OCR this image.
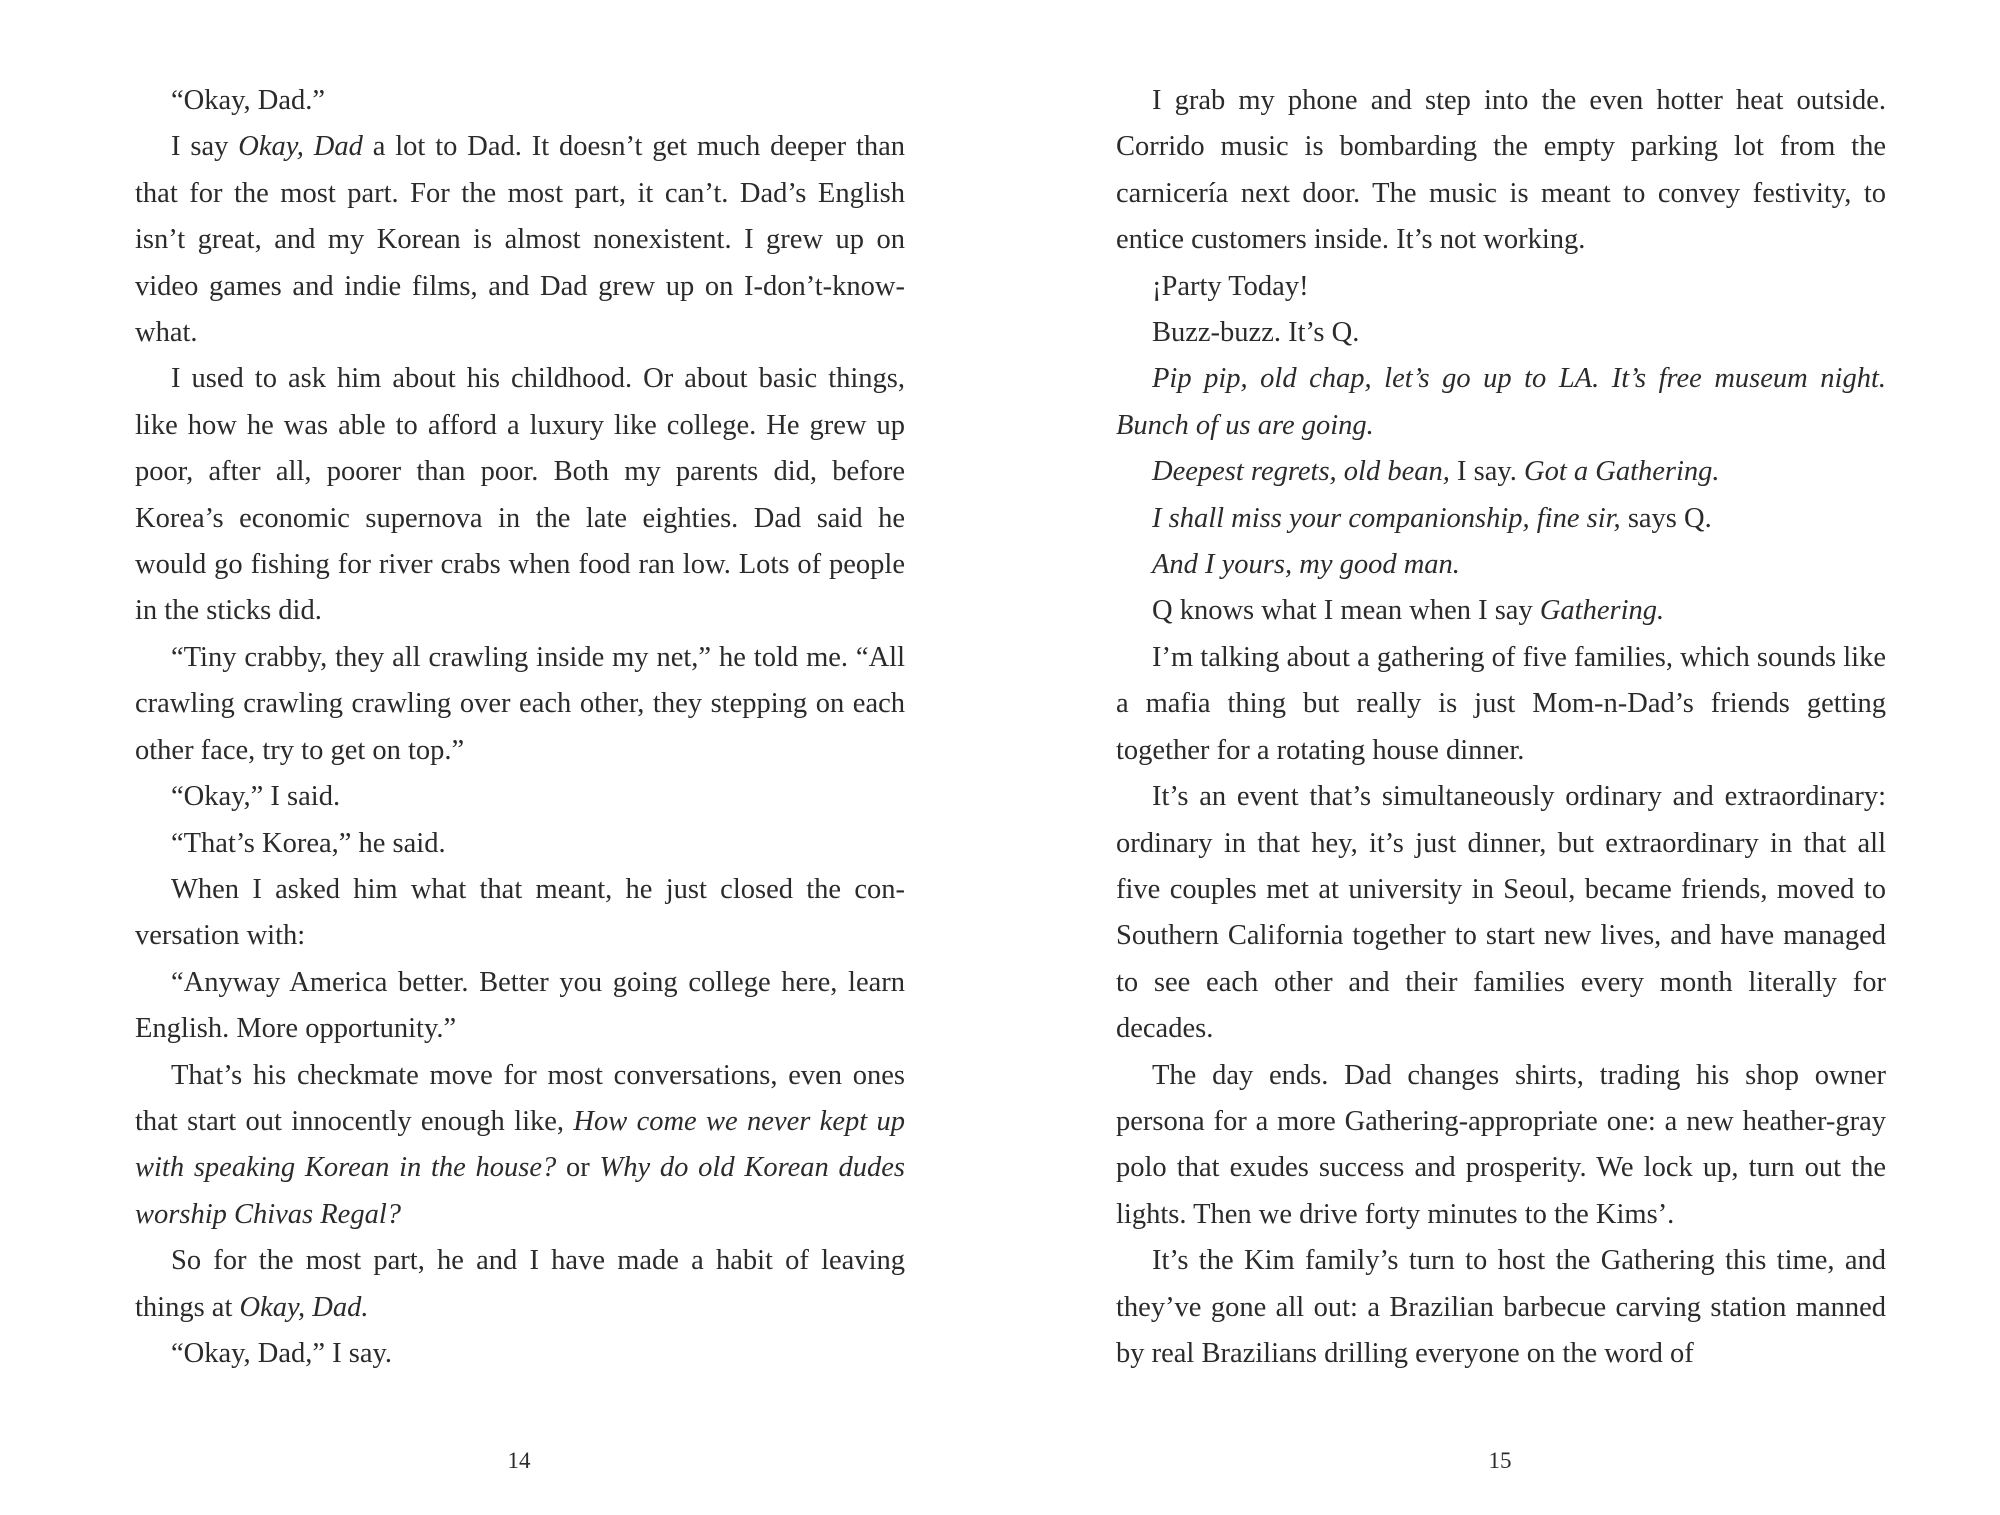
“Okay, Dad.”

I say Okay, Dad a lot to Dad. It doesn’t get much deeper than that for the most part. For the most part, it can’t. Dad’s English isn’t great, and my Korean is almost nonexistent. I grew up on video games and indie films, and Dad grew up on I-don’t-know-what.

I used to ask him about his childhood. Or about basic things, like how he was able to afford a luxury like college. He grew up poor, after all, poorer than poor. Both my parents did, before Korea’s economic supernova in the late eighties. Dad said he would go fishing for river crabs when food ran low. Lots of people in the sticks did.

“Tiny crabby, they all crawling inside my net,” he told me. “All crawling crawling crawling over each other, they stepping on each other face, try to get on top.”

“Okay,” I said.

“That’s Korea,” he said.

When I asked him what that meant, he just closed the conversation with:

“Anyway America better. Better you going college here, learn English. More opportunity.”

That’s his checkmate move for most conversations, even ones that start out innocently enough like, How come we never kept up with speaking Korean in the house? or Why do old Korean dudes worship Chivas Regal?

So for the most part, he and I have made a habit of leaving things at Okay, Dad.

“Okay, Dad,” I say.

14

I grab my phone and step into the even hotter heat outside. Corrido music is bombarding the empty parking lot from the carnicería next door. The music is meant to convey festivity, to entice customers inside. It’s not working.

¡Party Today!

Buzz-buzz. It’s Q.

Pip pip, old chap, let’s go up to LA. It’s free museum night. Bunch of us are going.

Deepest regrets, old bean, I say. Got a Gathering.

I shall miss your companionship, fine sir, says Q.

And I yours, my good man.

Q knows what I mean when I say Gathering.

I’m talking about a gathering of five families, which sounds like a mafia thing but really is just Mom-n-Dad’s friends getting together for a rotating house dinner.

It’s an event that’s simultaneously ordinary and extraordinary: ordinary in that hey, it’s just dinner, but extraordinary in that all five couples met at university in Seoul, became friends, moved to Southern California together to start new lives, and have managed to see each other and their families every month literally for decades.

The day ends. Dad changes shirts, trading his shop owner persona for a more Gathering-appropriate one: a new heather-gray polo that exudes success and prosperity. We lock up, turn out the lights. Then we drive forty minutes to the Kims’.

It’s the Kim family’s turn to host the Gathering this time, and they’ve gone all out: a Brazilian barbecue carving station manned by real Brazilians drilling everyone on the word of

15
